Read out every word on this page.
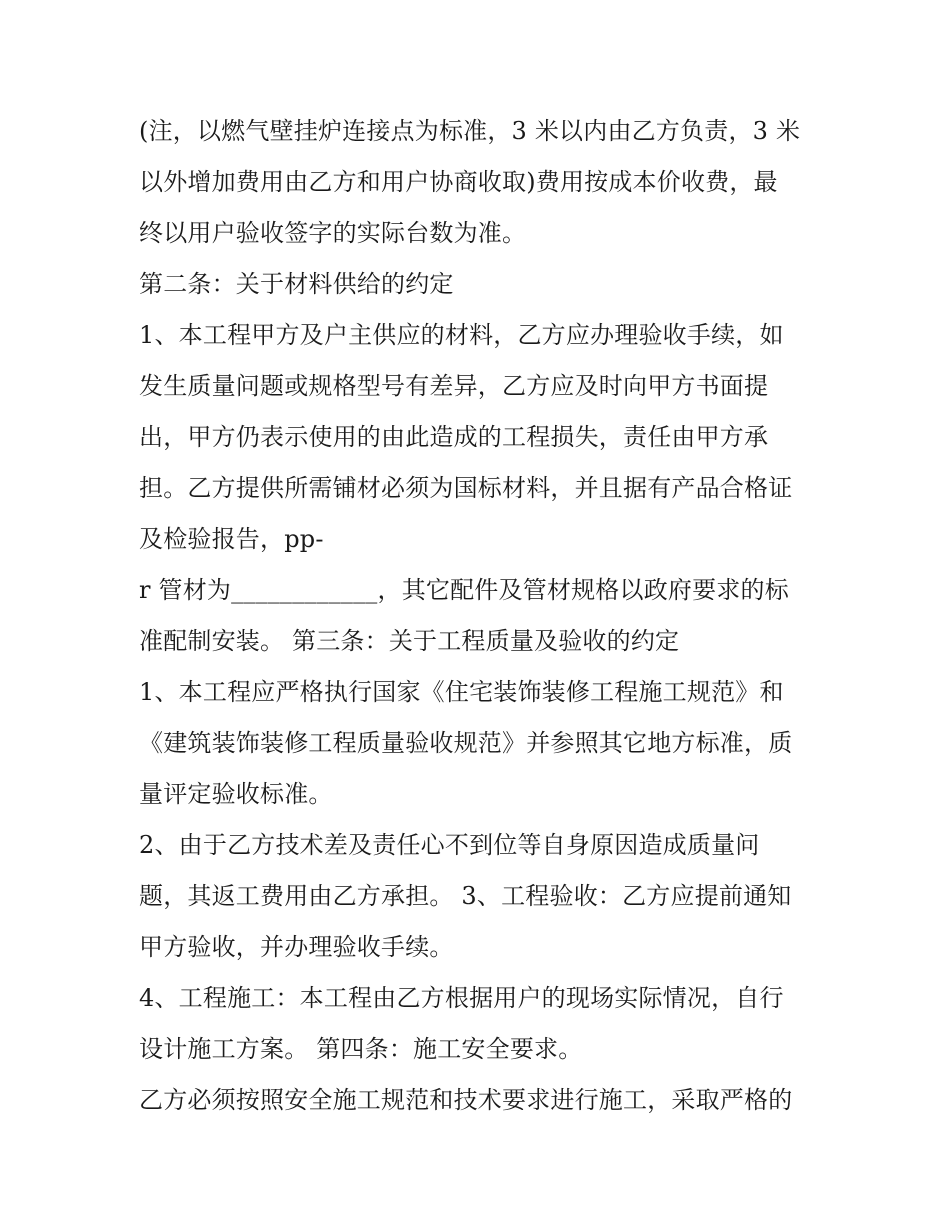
(注，以燃气壁挂炉连接点为标准，3 米以内由乙方负责，3 米
以外增加费用由乙方和用户协商收取)费用按成本价收费，最
终以用户验收签字的实际台数为准。
第二条：关于材料供给的约定
1、本工程甲方及户主供应的材料，乙方应办理验收手续，如
发生质量问题或规格型号有差异，乙方应及时向甲方书面提
出，甲方仍表示使用的由此造成的工程损失，责任由甲方承
担。乙方提供所需铺材必须为国标材料，并且据有产品合格证
及检验报告，pp-
r 管材为____________，其它配件及管材规格以政府要求的标
准配制安装。 第三条：关于工程质量及验收的约定
1、本工程应严格执行国家《住宅装饰装修工程施工规范》和
《建筑装饰装修工程质量验收规范》并参照其它地方标准，质
量评定验收标准。
2、由于乙方技术差及责任心不到位等自身原因造成质量问
题，其返工费用由乙方承担。 3、工程验收：乙方应提前通知
甲方验收，并办理验收手续。
4、工程施工：本工程由乙方根据用户的现场实际情况，自行
设计施工方案。 第四条：施工安全要求。
乙方必须按照安全施工规范和技术要求进行施工，采取严格的
